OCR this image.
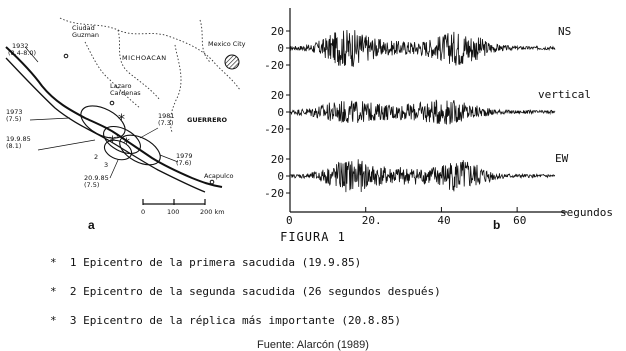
*
* *
1
2
3
Ciudad Guzman
MICHOACAN
Mexico City
Lazaro Cardenas
GUERRERO
Acapulco
1932 (8.4-8.0)
1973 (7.5)
19.9.85 (8.1)
1981 (7.3)
1979 (7.6)
20.9.85 (7.5)
0	100	200 km
a
20
0
-20
20
0
-20
20
0
-20
0	20.	40	60
NS
vertical
EW
segundos
b
FIGURA 1
*  1 Epicentro de la primera sacudida (19.9.85)
*  2 Epicentro de la segunda sacudida (26 segundos después)
*  3 Epicentro de la réplica más importante (20.8.85)
Fuente: Alarcón (1989)
